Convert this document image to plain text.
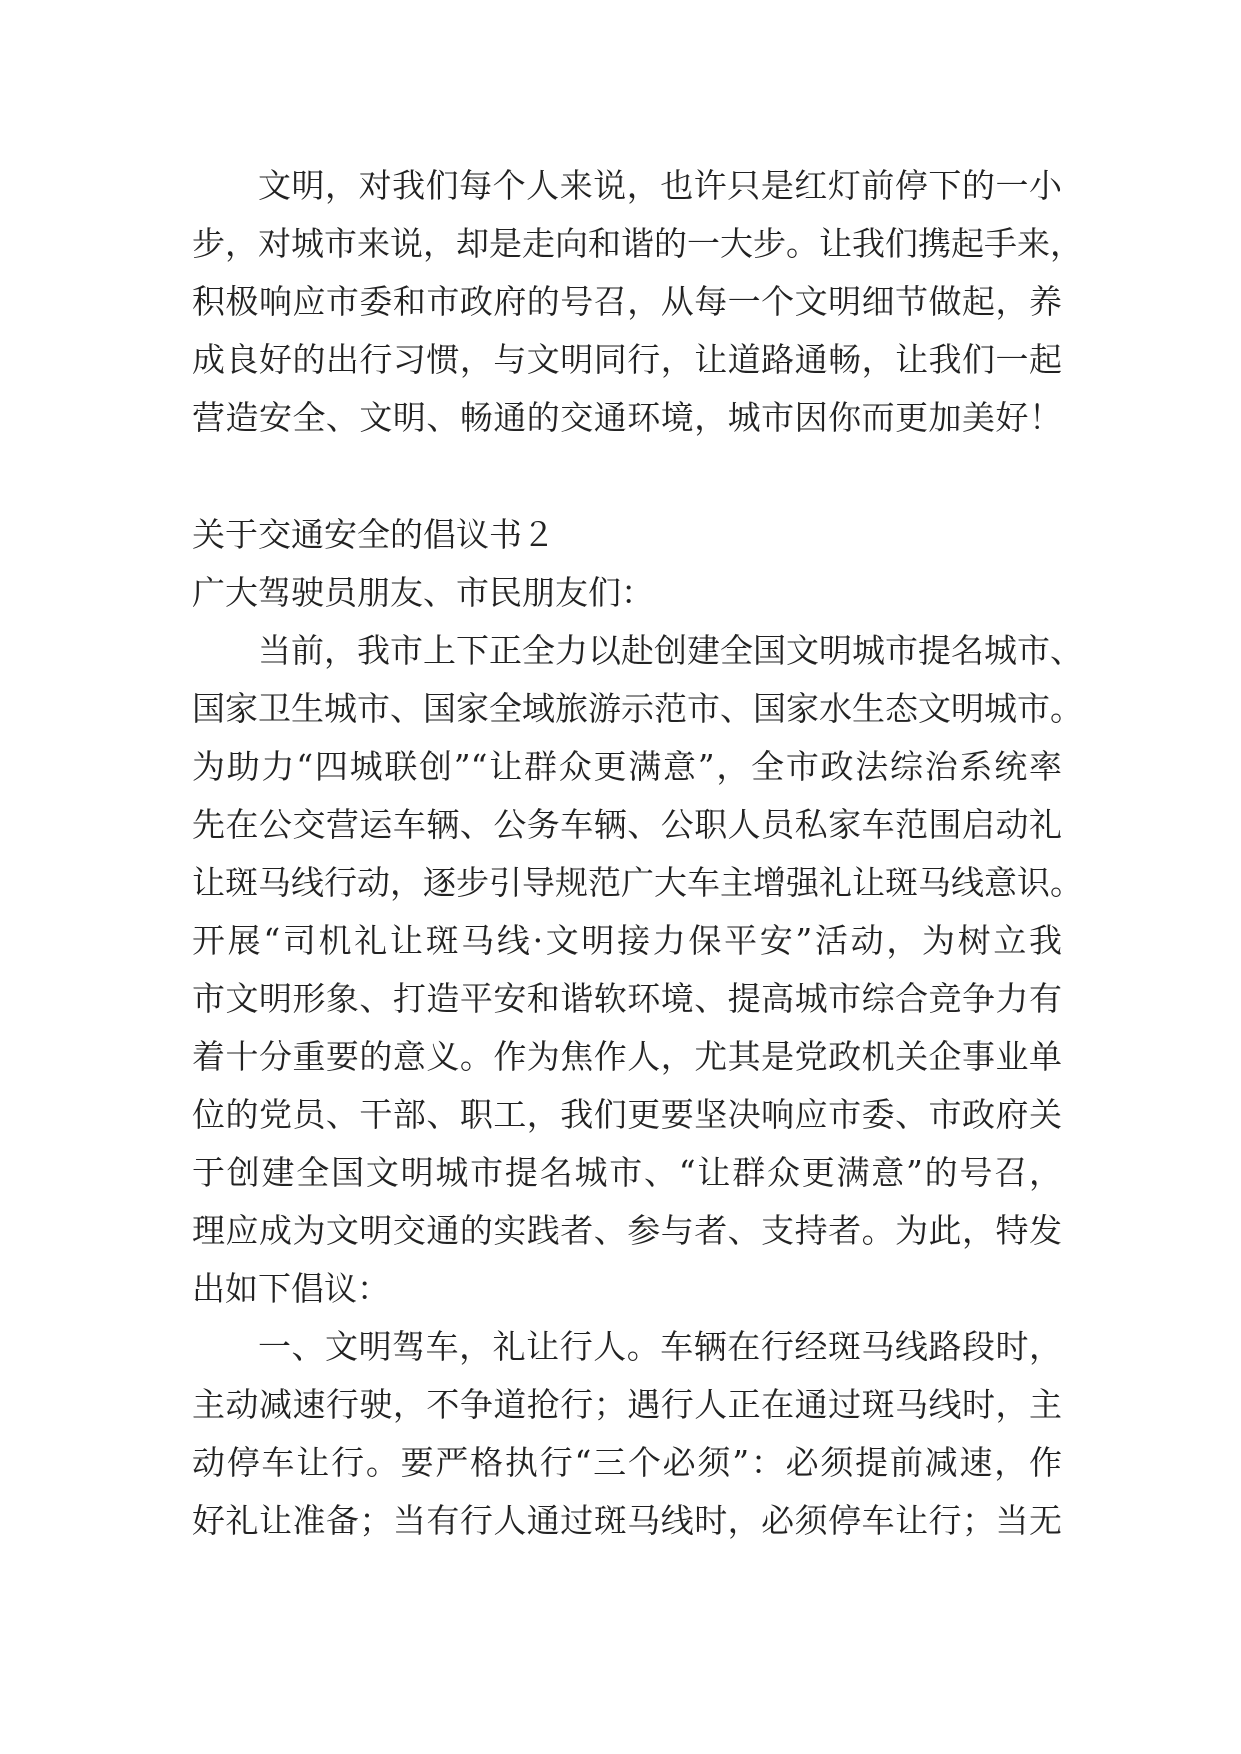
文明，对我们每个人来说，也许只是红灯前停下的一小
步，对城市来说，却是走向和谐的一大步。让我们携起手来，
积极响应市委和市政府的号召，从每一个文明细节做起，养
成良好的出行习惯，与文明同行，让道路通畅，让我们一起
营造安全、文明、畅通的交通环境，城市因你而更加美好！
关于交通安全的倡议书２
广大驾驶员朋友、市民朋友们：
当前，我市上下正全力以赴创建全国文明城市提名城市、
国家卫生城市、国家全域旅游示范市、国家水生态文明城市。
为助力“四城联创”“让群众更满意”，全市政法综治系统率
先在公交营运车辆、公务车辆、公职人员私家车范围启动礼
让斑马线行动，逐步引导规范广大车主增强礼让斑马线意识。
开展“司机礼让斑马线·文明接力保平安”活动，为树立我
市文明形象、打造平安和谐软环境、提高城市综合竞争力有
着十分重要的意义。作为焦作人，尤其是党政机关企事业单
位的党员、干部、职工，我们更要坚决响应市委、市政府关
于创建全国文明城市提名城市、“让群众更满意”的号召，
理应成为文明交通的实践者、参与者、支持者。为此，特发
出如下倡议：
一、文明驾车，礼让行人。车辆在行经斑马线路段时，
主动减速行驶，不争道抢行；遇行人正在通过斑马线时，主
动停车让行。要严格执行“三个必须”：必须提前减速，作
好礼让准备；当有行人通过斑马线时，必须停车让行；当无
